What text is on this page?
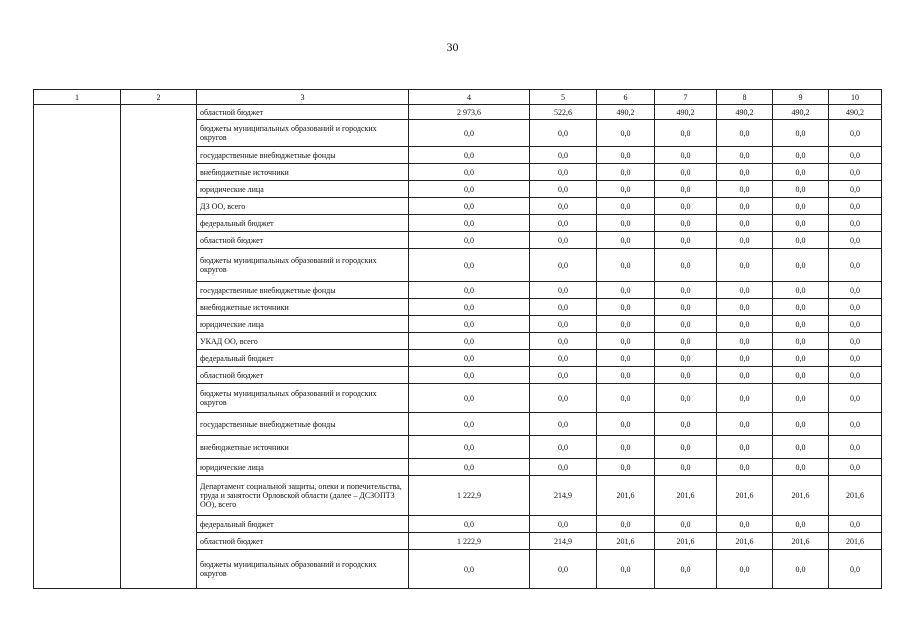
30
1	2	3	4	5	6	7	8	9	10
		областной бюджет	2 973,6	522,6	490,2	490,2	490,2	490,2	490,2
		бюджеты муниципальных образований и городских округов	0,0	0,0	0,0	0,0	0,0	0,0	0,0
		государственные внебюджетные фонды	0,0	0,0	0,0	0,0	0,0	0,0	0,0
		внебюджетные источники	0,0	0,0	0,0	0,0	0,0	0,0	0,0
		юридические лица	0,0	0,0	0,0	0,0	0,0	0,0	0,0
		ДЗ ОО, всего	0,0	0,0	0,0	0,0	0,0	0,0	0,0
		федеральный бюджет	0,0	0,0	0,0	0,0	0,0	0,0	0,0
		областной бюджет	0,0	0,0	0,0	0,0	0,0	0,0	0,0
		бюджеты муниципальных образований и городских округов	0,0	0,0	0,0	0,0	0,0	0,0	0,0
		государственные внебюджетные фонды	0,0	0,0	0,0	0,0	0,0	0,0	0,0
		внебюджетные источники	0,0	0,0	0,0	0,0	0,0	0,0	0,0
		юридические лица	0,0	0,0	0,0	0,0	0,0	0,0	0,0
		УКАД ОО, всего	0,0	0,0	0,0	0,0	0,0	0,0	0,0
		федеральный бюджет	0,0	0,0	0,0	0,0	0,0	0,0	0,0
		областной бюджет	0,0	0,0	0,0	0,0	0,0	0,0	0,0
		бюджеты муниципальных образований и городских округов	0,0	0,0	0,0	0,0	0,0	0,0	0,0
		государственные внебюджетные фонды	0,0	0,0	0,0	0,0	0,0	0,0	0,0
		внебюджетные источники	0,0	0,0	0,0	0,0	0,0	0,0	0,0
		юридические лица	0,0	0,0	0,0	0,0	0,0	0,0	0,0
		Департамент социальной защиты, опеки и попечительства, труда и занятости Орловской области (далее – ДСЗОПТЗ ОО), всего	1 222,9	214,9	201,6	201,6	201,6	201,6	201,6
		федеральный бюджет	0,0	0,0	0,0	0,0	0,0	0,0	0,0
		областной бюджет	1 222,9	214,9	201,6	201,6	201,6	201,6	201,6
		бюджеты муниципальных образований и городских округов	0,0	0,0	0,0	0,0	0,0	0,0	0,0
